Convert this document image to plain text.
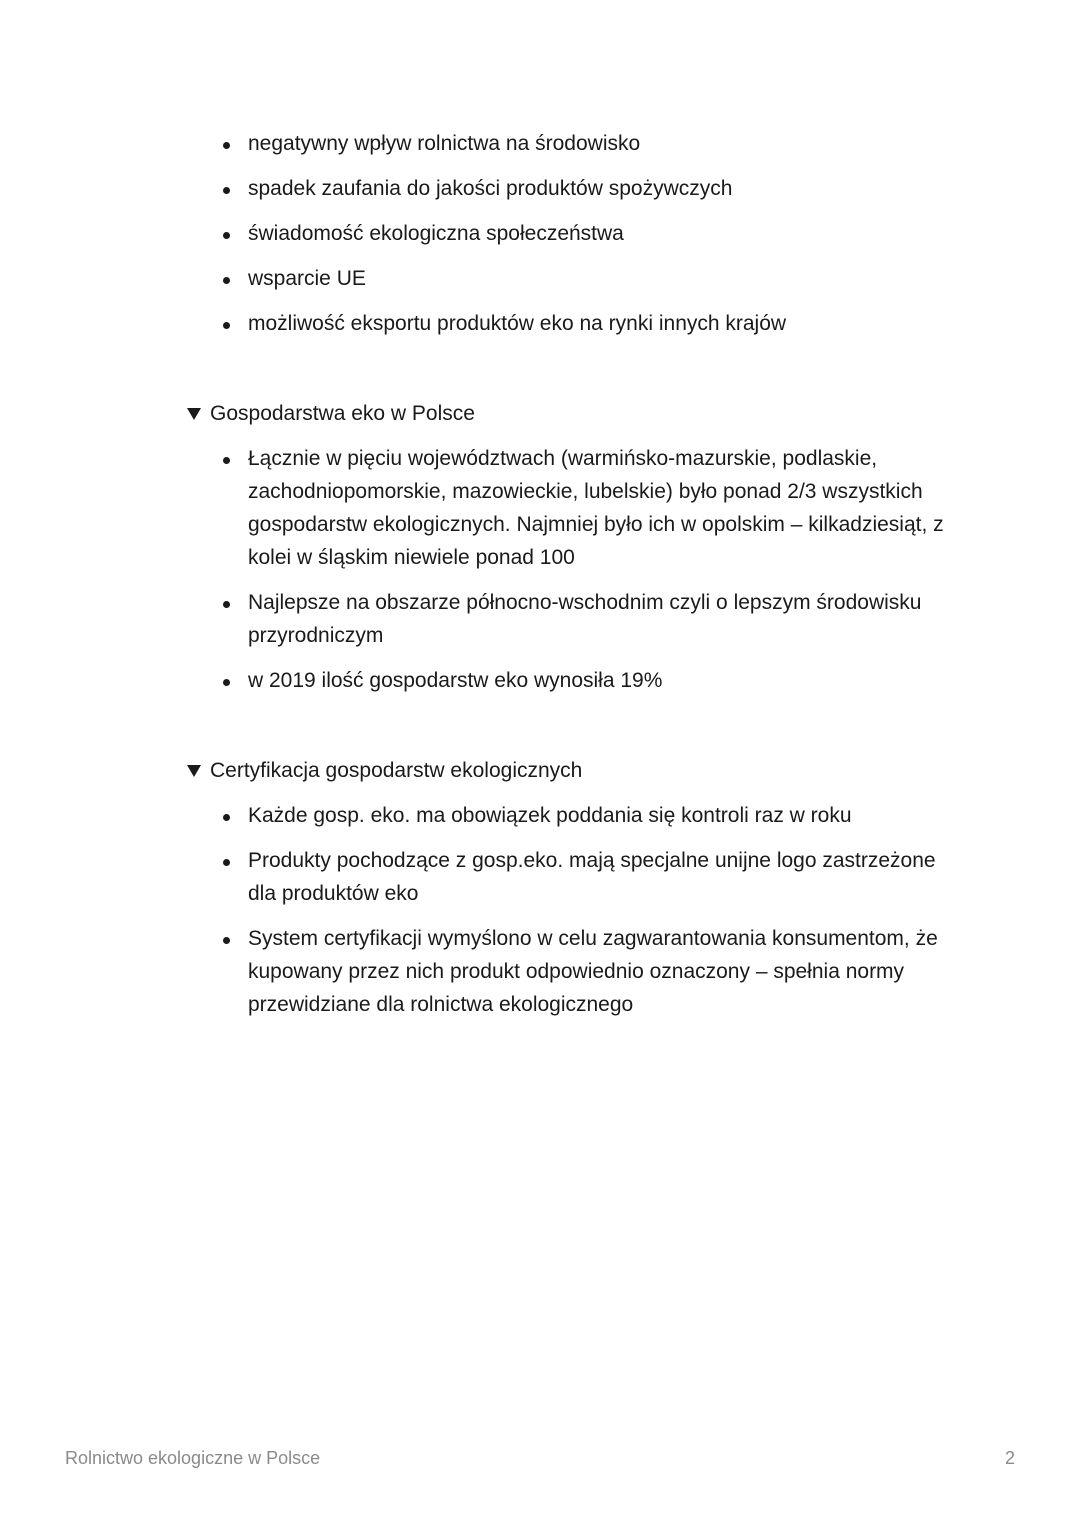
negatywny wpływ rolnictwa na środowisko
spadek zaufania do jakości produktów spożywczych
świadomość ekologiczna społeczeństwa
wsparcie UE
możliwość eksportu produktów eko na rynki innych krajów
Gospodarstwa eko w Polsce
Łącznie w pięciu województwach (warmińsko-mazurskie, podlaskie, zachodniopomorskie, mazowieckie, lubelskie) było ponad 2/3 wszystkich gospodarstw ekologicznych. Najmniej było ich w opolskim – kilkadziesiąt, z kolei w śląskim niewiele ponad 100
Najlepsze na obszarze północno-wschodnim czyli o lepszym środowisku przyrodniczym
w 2019 ilość gospodarstw eko wynosiła 19%
Certyfikacja gospodarstw ekologicznych
Każde gosp. eko. ma obowiązek poddania się kontroli raz w roku
Produkty pochodzące z gosp.eko. mają specjalne unijne logo zastrzeżone dla produktów eko
System certyfikacji wymyślono w celu zagwarantowania konsumentom, że kupowany przez nich produkt odpowiednio oznaczony – spełnia normy przewidziane dla rolnictwa ekologicznego
Rolnictwo ekologiczne w Polsce	2
